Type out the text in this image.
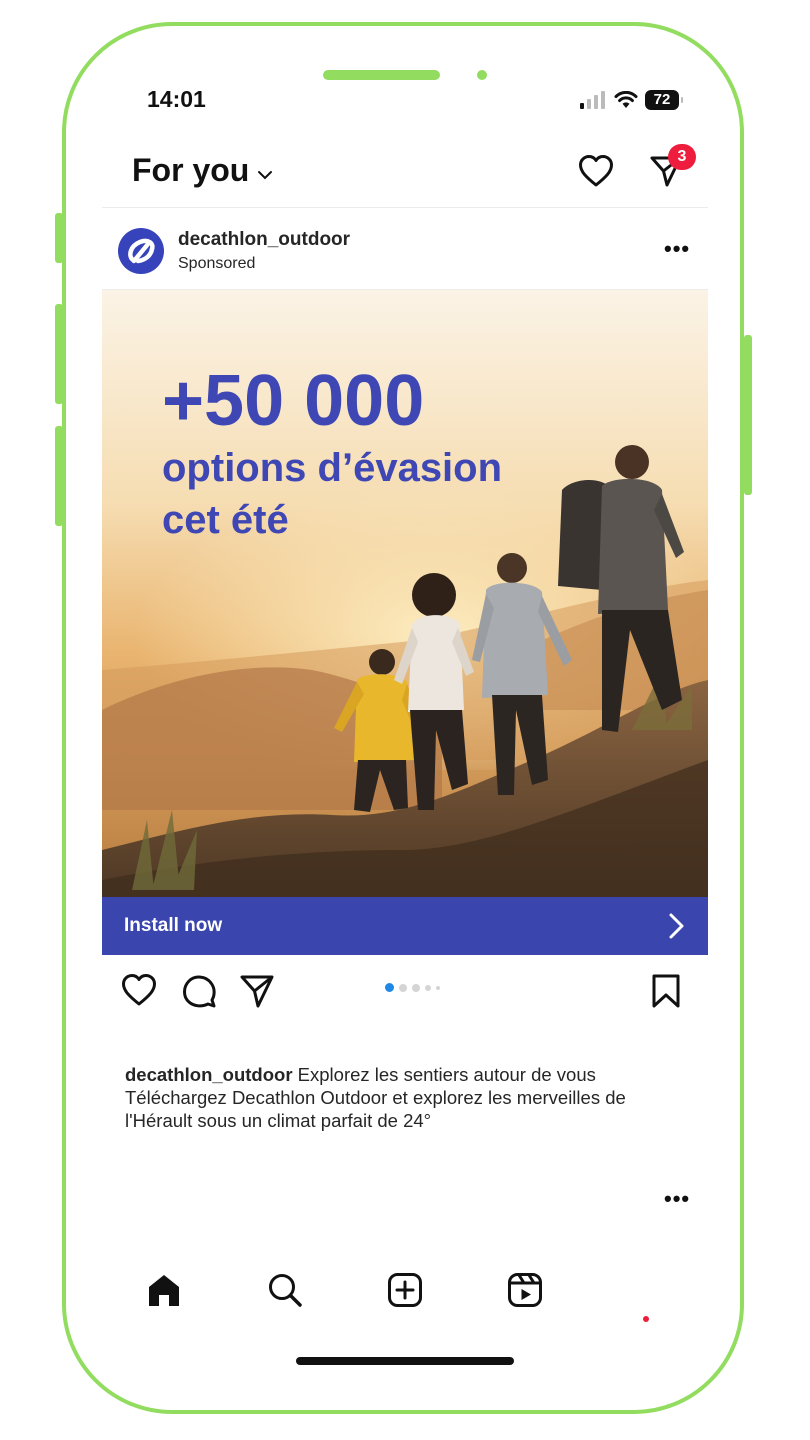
14:01	72
For you	3
decathlon_outdoor
Sponsored
•••
+50 000
options d’évasion
cet été
Install now
decathlon_outdoor Explorez les sentiers autour de vous Téléchargez Decathlon Outdoor et explorez les merveilles de l'Hérault sous un climat parfait de 24°
•••
